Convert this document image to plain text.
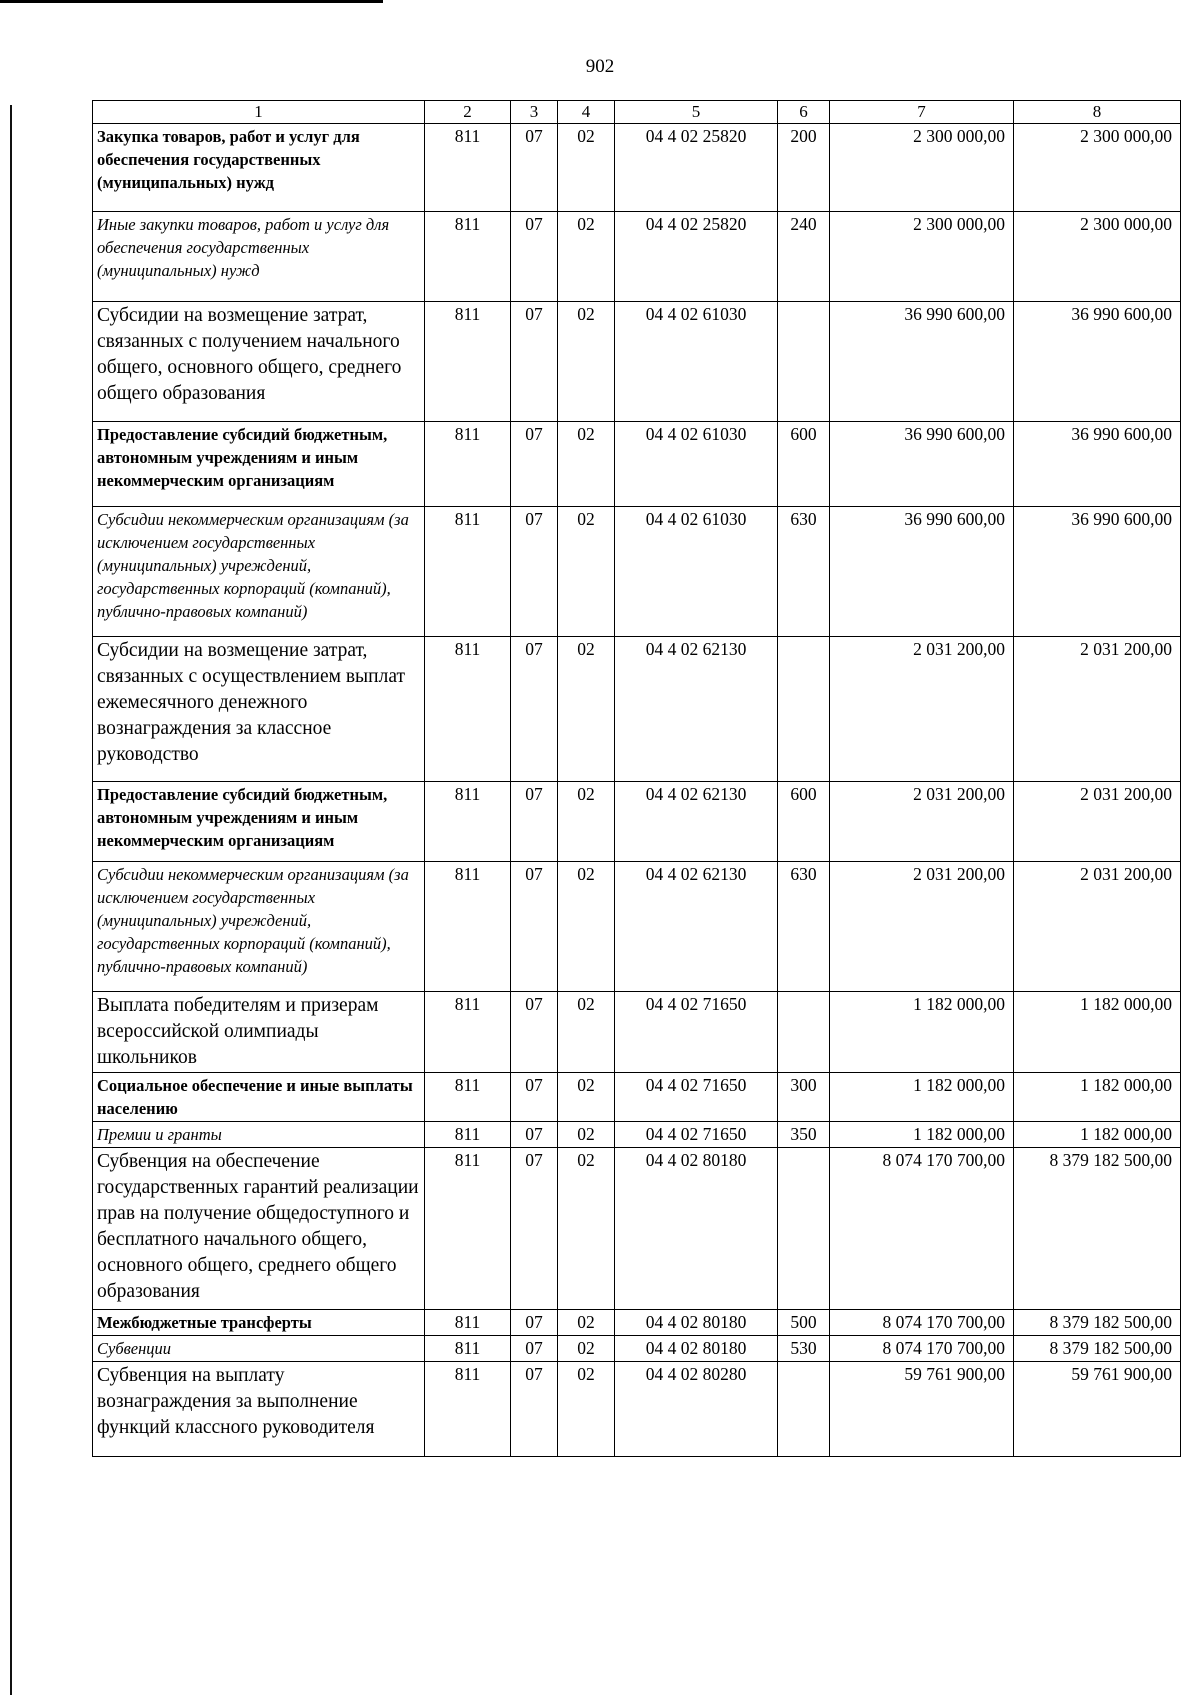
902
1	2	3	4	5	6	7	8
Закупка товаров, работ и услуг для обеспечения государственных (муниципальных) нужд	811	07	02	04 4 02 25820	200	2 300 000,00	2 300 000,00
Иные закупки товаров, работ и услуг для обеспечения государственных (муниципальных) нужд	811	07	02	04 4 02 25820	240	2 300 000,00	2 300 000,00
Субсидии на возмещение затрат, связанных с получением начального общего, основного общего, среднего общего образования	811	07	02	04 4 02 61030		36 990 600,00	36 990 600,00
Предоставление субсидий бюджетным, автономным учреждениям и иным некоммерческим организациям	811	07	02	04 4 02 61030	600	36 990 600,00	36 990 600,00
Субсидии некоммерческим организациям (за исключением государственных (муниципальных) учреждений, государственных корпораций (компаний), публично-правовых компаний)	811	07	02	04 4 02 61030	630	36 990 600,00	36 990 600,00
Субсидии на возмещение затрат, связанных с осуществлением выплат ежемесячного денежного вознаграждения за классное руководство	811	07	02	04 4 02 62130		2 031 200,00	2 031 200,00
Предоставление субсидий бюджетным, автономным учреждениям и иным некоммерческим организациям	811	07	02	04 4 02 62130	600	2 031 200,00	2 031 200,00
Субсидии некоммерческим организациям (за исключением государственных (муниципальных) учреждений, государственных корпораций (компаний), публично-правовых компаний)	811	07	02	04 4 02 62130	630	2 031 200,00	2 031 200,00
Выплата победителям и призерам всероссийской олимпиады школьников	811	07	02	04 4 02 71650		1 182 000,00	1 182 000,00
Социальное обеспечение и иные выплаты населению	811	07	02	04 4 02 71650	300	1 182 000,00	1 182 000,00
Премии и гранты	811	07	02	04 4 02 71650	350	1 182 000,00	1 182 000,00
Субвенция на обеспечение государственных гарантий реализации прав на получение общедоступного и бесплатного начального общего, основного общего, среднего общего образования	811	07	02	04 4 02 80180		8 074 170 700,00	8 379 182 500,00
Межбюджетные трансферты	811	07	02	04 4 02 80180	500	8 074 170 700,00	8 379 182 500,00
Субвенции	811	07	02	04 4 02 80180	530	8 074 170 700,00	8 379 182 500,00
Субвенция на выплату вознаграждения за выполнение функций классного руководителя	811	07	02	04 4 02 80280		59 761 900,00	59 761 900,00
